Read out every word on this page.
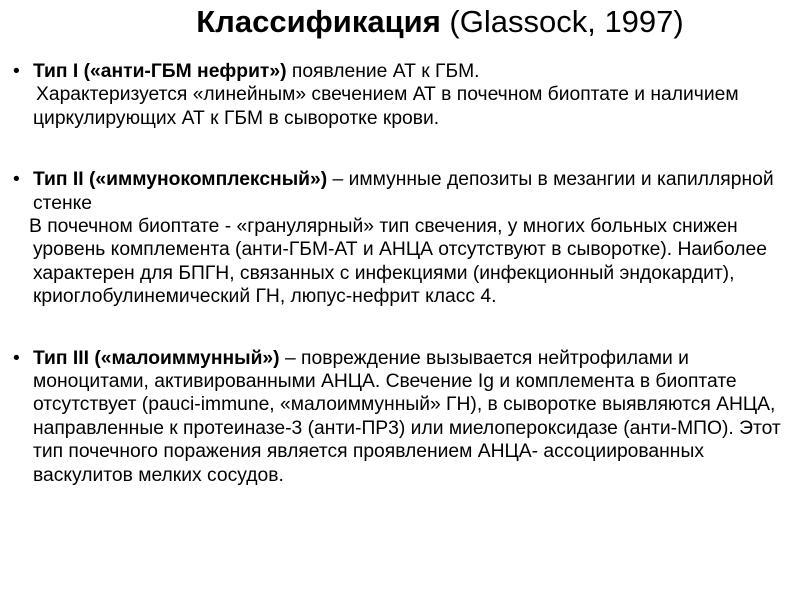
Классификация (Glassock, 1997)
•
Тип I («анти-ГБМ нефрит») появление АТ к ГБМ.
Характеризуется «линейным» свечением АТ в почечном биоптате и наличием циркулирующих АТ к ГБМ в сыворотке крови.
•
Тип II («иммунокомплексный») – иммунные депозиты в мезангии и капиллярной стенке
В почечном биоптате - «гранулярный» тип свечения, у многих больных снижен уровень комплемента (анти-ГБМ-АТ и АНЦА отсутствуют в сыворотке). Наиболее характерен для БПГН, связанных с инфекциями (инфекционный эндокардит), криоглобулинемический ГН, люпус-нефрит класс 4.
•
Тип III («малоиммунный») – повреждение вызывается нейтрофилами и моноцитами, активированными АНЦА. Свечение Ig и комплемента в биоптате отсутствует (pauci-immune, «малоиммунный» ГН), в сыворотке выявляются АНЦА, направленные к протеиназе-3 (анти-ПР3) или миелопероксидазе (анти-МПО). Этот тип почечного поражения является проявлением АНЦА- ассоциированных васкулитов мелких сосудов.
